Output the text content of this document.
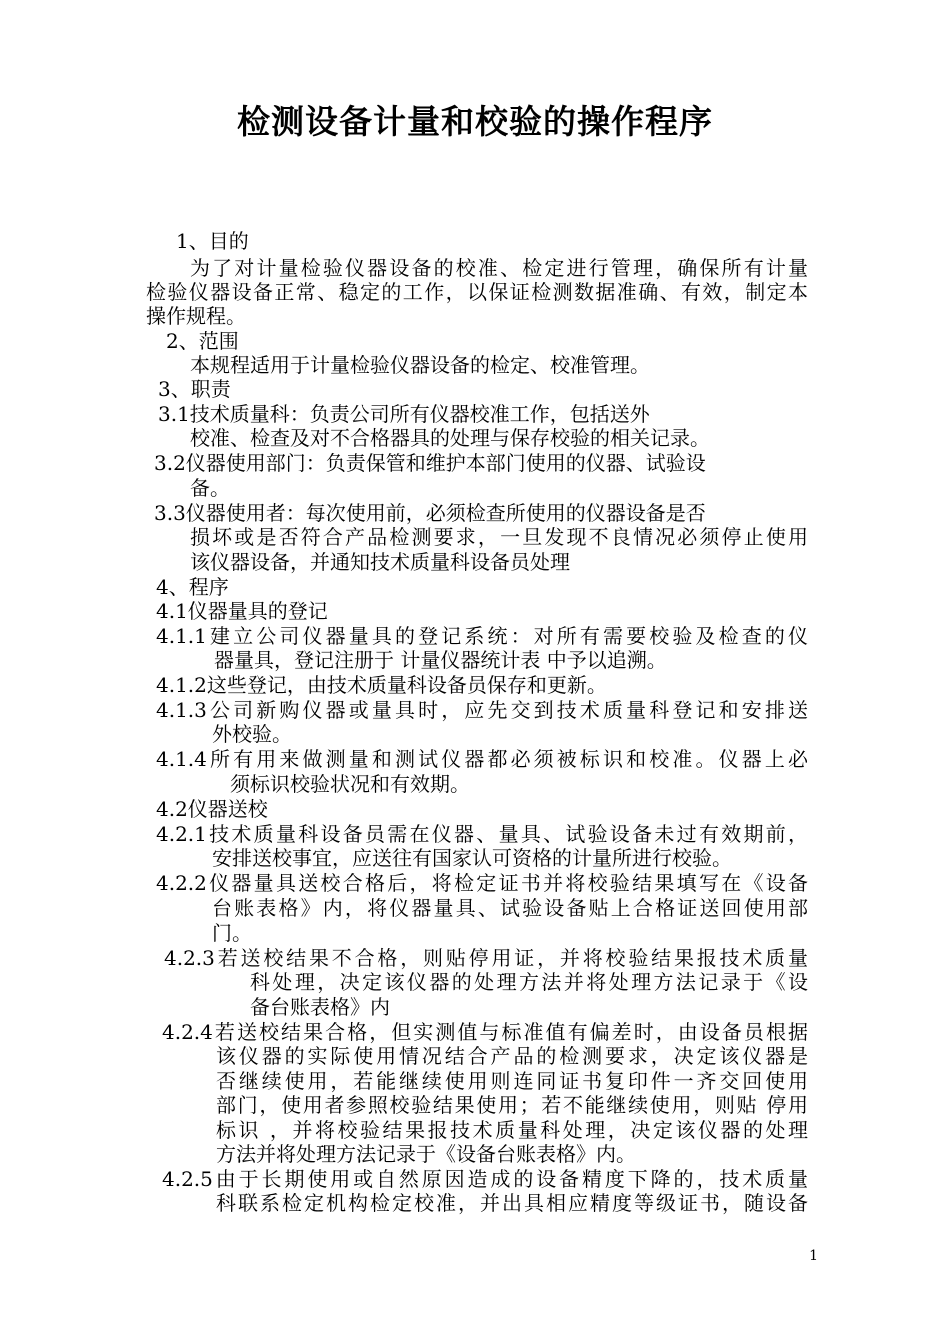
检测设备计量和校验的操作程序
1、目的
为了对计量检验仪器设备的校准、检定进行管理，确保所有计量
检验仪器设备正常、稳定的工作，以保证检测数据准确、有效，制定本
操作规程。
2、范围
本规程适用于计量检验仪器设备的检定、校准管理。
3、职责
3.1技术质量科：负责公司所有仪器校准工作，包括送外
校准、检查及对不合格器具的处理与保存校验的相关记录。
3.2仪器使用部门：负责保管和维护本部门使用的仪器、试验设
备。
3.3仪器使用者：每次使用前，必须检查所使用的仪器设备是否
损坏或是否符合产品检测要求，一旦发现不良情况必须停止使用
该仪器设备，并通知技术质量科设备员处理
4、程序
4.1仪器量具的登记
4.1.1建立公司仪器量具的登记系统：对所有需要校验及检查的仪
器量具，登记注册于 计量仪器统计表 中予以追溯。
4.1.2这些登记，由技术质量科设备员保存和更新。
4.1.3公司新购仪器或量具时，应先交到技术质量科登记和安排送
外校验。
4.1.4所有用来做测量和测试仪器都必须被标识和校准。仪器上必
须标识校验状况和有效期。
4.2仪器送校
4.2.1技术质量科设备员需在仪器、量具、试验设备未过有效期前，
安排送校事宜，应送往有国家认可资格的计量所进行校验。
4.2.2仪器量具送校合格后，将检定证书并将校验结果填写在《设备
台账表格》内，将仪器量具、试验设备贴上合格证送回使用部
门。
4.2.3若送校结果不合格，则贴停用证，并将校验结果报技术质量
科处理，决定该仪器的处理方法并将处理方法记录于《设
备台账表格》内
4.2.4若送校结果合格，但实测值与标准值有偏差时，由设备员根据
该仪器的实际使用情况结合产品的检测要求，决定该仪器是
否继续使用，若能继续使用则连同证书复印件一齐交回使用
部门，使用者参照校验结果使用；若不能继续使用，则贴 停用
标识 ，并将校验结果报技术质量科处理，决定该仪器的处理
方法并将处理方法记录于《设备台账表格》内。
4.2.5由于长期使用或自然原因造成的设备精度下降的，技术质量
科联系检定机构检定校准，并出具相应精度等级证书，随设备
1
